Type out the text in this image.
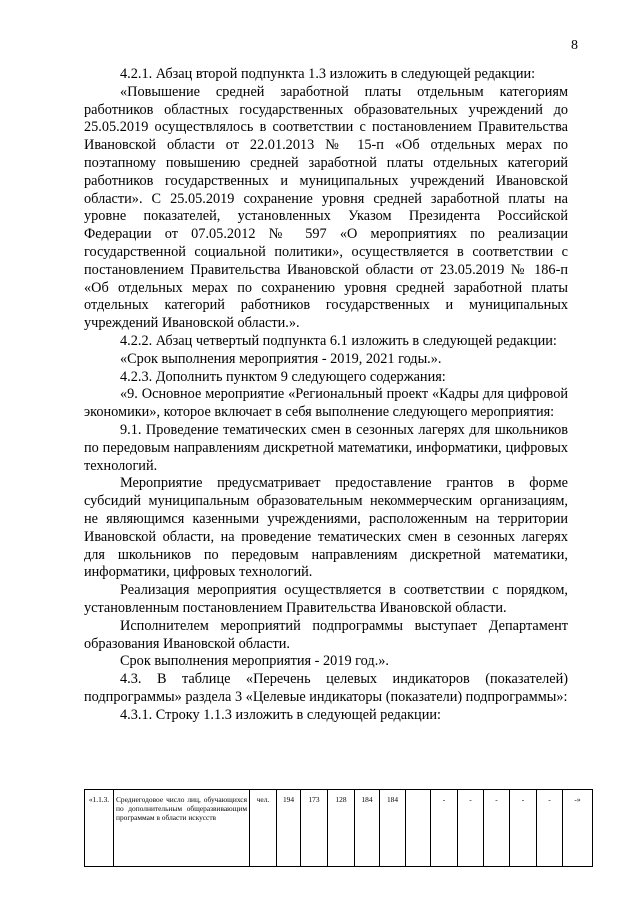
8

4.2.1. Абзац второй подпункта 1.3 изложить в следующей редакции:

«Повышение средней заработной платы отдельным категориям работников областных государственных образовательных учреждений до 25.05.2019 осуществлялось в соответствии с постановлением Правительства Ивановской области от 22.01.2013 № 15-п «Об отдельных мерах по поэтапному повышению средней заработной платы отдельных категорий работников государственных и муниципальных учреждений Ивановской области». С 25.05.2019 сохранение уровня средней заработной платы на уровне показателей, установленных Указом Президента Российской Федерации от 07.05.2012 № 597 «О мероприятиях по реализации государственной социальной политики», осуществляется в соответствии с постановлением Правительства Ивановской области от 23.05.2019 № 186-п «Об отдельных мерах по сохранению уровня средней заработной платы отдельных категорий работников государственных и муниципальных учреждений Ивановской области.».

4.2.2. Абзац четвертый подпункта 6.1 изложить в следующей редакции:

«Срок выполнения мероприятия - 2019, 2021 годы.».

4.2.3. Дополнить пунктом 9 следующего содержания:

«9. Основное мероприятие «Региональный проект «Кадры для цифровой экономики», которое включает в себя выполнение следующего мероприятия:

9.1. Проведение тематических смен в сезонных лагерях для школьников по передовым направлениям дискретной математики, информатики, цифровых технологий.

Мероприятие предусматривает предоставление грантов в форме субсидий муниципальным образовательным некоммерческим организациям, не являющимся казенными учреждениями, расположенным на территории Ивановской области, на проведение тематических смен в сезонных лагерях для школьников по передовым направлениям дискретной математики, информатики, цифровых технологий.

Реализация мероприятия осуществляется в соответствии с порядком, установленным постановлением Правительства Ивановской области.

Исполнителем мероприятий подпрограммы выступает Департамент образования Ивановской области.

Срок выполнения мероприятия - 2019 год.».

4.3. В таблице «Перечень целевых индикаторов (показателей) подпрограммы» раздела 3 «Целевые индикаторы (показатели) подпрограммы»:

4.3.1. Строку 1.1.3 изложить в следующей редакции:

«1.1.3.	Среднегодовое число лиц, обучающихся по дополнительным общеразвивающим программам в области искусств	чел.	194	173	128	184	184		-	-	-	-	-	-»
